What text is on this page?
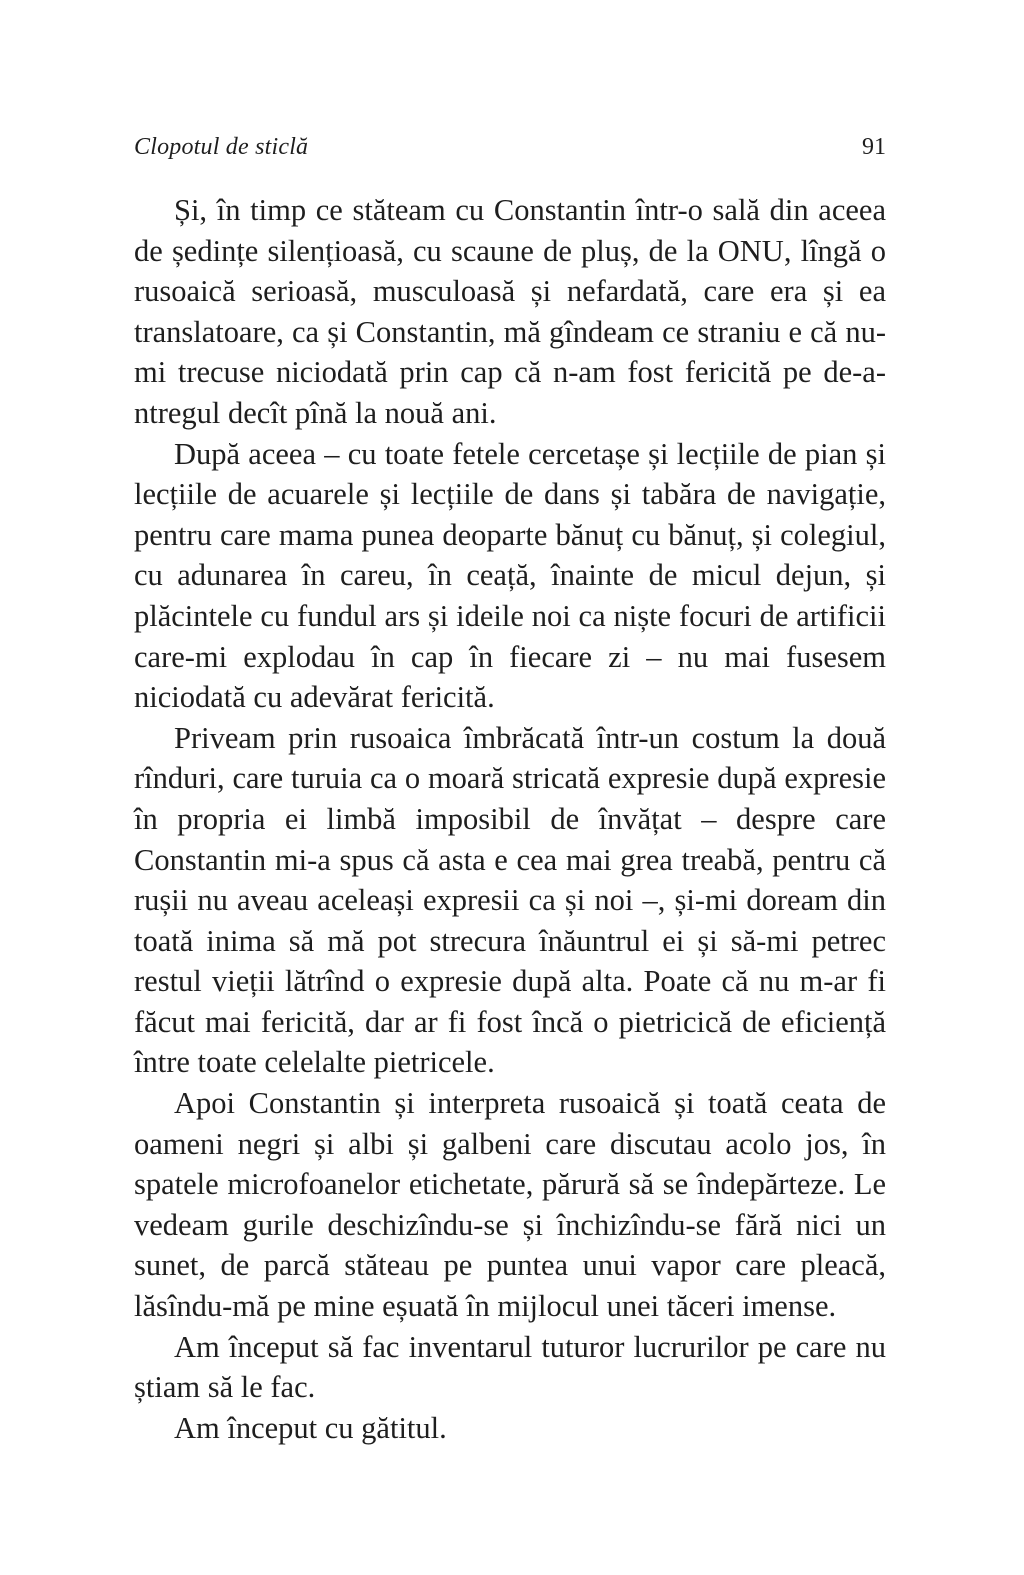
Clopotul de sticlă	91

Și, în timp ce stăteam cu Constantin într-o sală din aceea de ședințe silențioasă, cu scaune de pluș, de la ONU, lîngă o rusoaică serioasă, musculoasă și nefardată, care era și ea translatoare, ca și Constantin, mă gîndeam ce straniu e că nu-mi trecuse niciodată prin cap că n-am fost fericită pe de-a-ntregul decît pînă la nouă ani.

După aceea – cu toate fetele cercetașe și lecțiile de pian și lecțiile de acuarele și lecțiile de dans și tabăra de navigație, pentru care mama punea deoparte bănuț cu bănuț, și colegiul, cu adunarea în careu, în ceață, înainte de micul dejun, și plăcintele cu fundul ars și ideile noi ca niște focuri de artificii care-mi explodau în cap în fiecare zi – nu mai fusesem niciodată cu adevărat fericită.

Priveam prin rusoaica îmbrăcată într-un costum la două rînduri, care turuia ca o moară stricată expresie după expresie în propria ei limbă imposibil de învățat – despre care Constantin mi-a spus că asta e cea mai grea treabă, pentru că rușii nu aveau aceleași expresii ca și noi –, și-mi doream din toată inima să mă pot strecura înăuntrul ei și să-mi petrec restul vieții lătrînd o expresie după alta. Poate că nu m-ar fi făcut mai fericită, dar ar fi fost încă o pietricică de eficiență între toate celelalte pietricele.

Apoi Constantin și interpreta rusoaică și toată ceata de oameni negri și albi și galbeni care discutau acolo jos, în spatele microfoanelor etichetate, părură să se îndepărteze. Le vedeam gurile deschizîndu-se și închizîndu-se fără nici un sunet, de parcă stăteau pe puntea unui vapor care pleacă, lăsîndu-mă pe mine eșuată în mijlocul unei tăceri imense.

Am început să fac inventarul tuturor lucrurilor pe care nu știam să le fac.

Am început cu gătitul.
